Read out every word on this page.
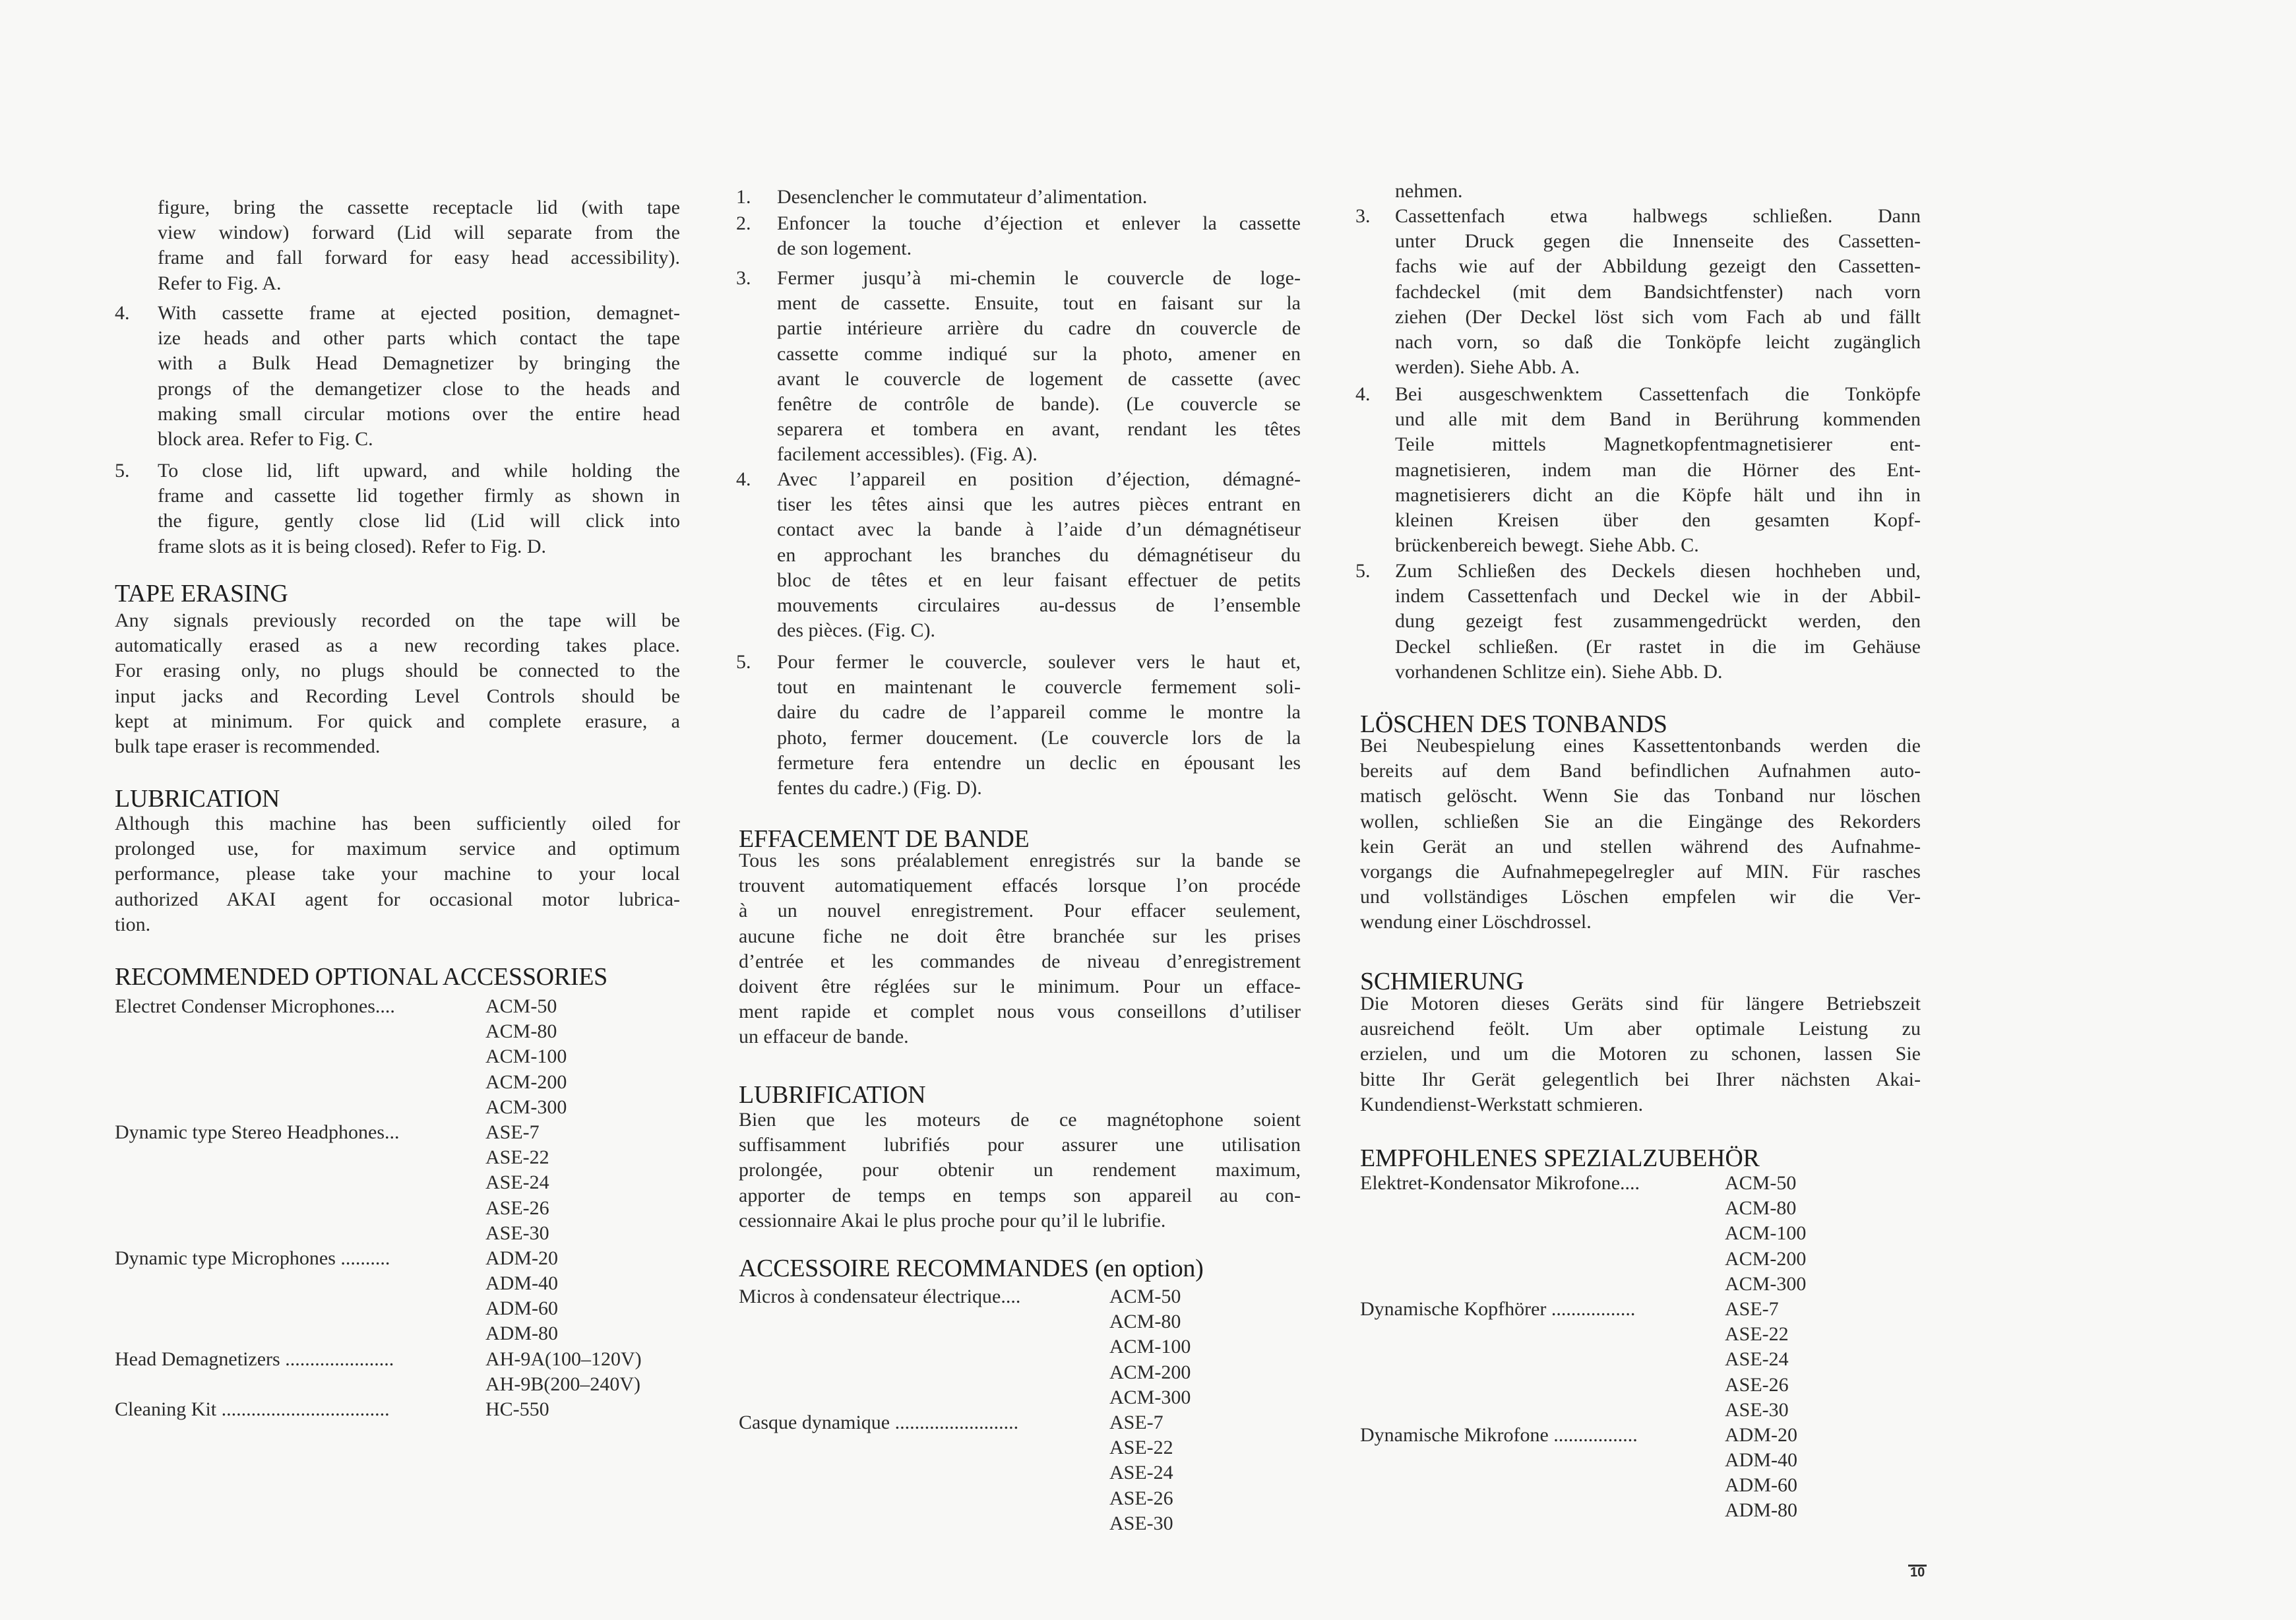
figure, bring the cassette receptacle lid (with tape
view window) forward (Lid will separate from the
frame and fall forward for easy head accessibility).
Refer to Fig. A.
4. With cassette frame at ejected position, demagnet-
ize heads and other parts which contact the tape
with a Bulk Head Demagnetizer by bringing the
prongs of the demangetizer close to the heads and
making small circular motions over the entire head
block area. Refer to Fig. C.
5. To close lid, lift upward, and while holding the
frame and cassette lid together firmly as shown in
the figure, gently close lid (Lid will click into
frame slots as it is being closed). Refer to Fig. D.
TAPE ERASING
Any signals previously recorded on the tape will be
automatically erased as a new recording takes place.
For erasing only, no plugs should be connected to the
input jacks and Recording Level Controls should be
kept at minimum. For quick and complete erasure, a
bulk tape eraser is recommended.
LUBRICATION
Although this machine has been sufficiently oiled for
prolonged use, for maximum service and optimum
performance, please take your machine to your local
authorized AKAI agent for occasional motor lubrica-
tion.
RECOMMENDED OPTIONAL ACCESSORIES
Electret Condenser Microphones....	ACM-50
ACM-80
ACM-100
ACM-200
ACM-300
Dynamic type Stereo Headphones...	ASE-7
ASE-22
ASE-24
ASE-26
ASE-30
Dynamic type Microphones ..........	ADM-20
ADM-40
ADM-60
ADM-80
Head Demagnetizers ......................	AH-9A(100–120V)
AH-9B(200–240V)
Cleaning Kit ..................................	HC-550
1. Desenclencher le commutateur d’alimentation.
2. Enfoncer la touche d’éjection et enlever la cassette
de son logement.
3. Fermer jusqu’à mi-chemin le couvercle de loge-
ment de cassette. Ensuite, tout en faisant sur la
partie intérieure arrière du cadre dn couvercle de
cassette comme indiqué sur la photo, amener en
avant le couvercle de logement de cassette (avec
fenêtre de contrôle de bande). (Le couvercle se
separera et tombera en avant, rendant les têtes
facilement accessibles). (Fig. A).
4. Avec l’appareil en position d’éjection, démagné-
tiser les têtes ainsi que les autres pièces entrant en
contact avec la bande à l’aide d’un démagnétiseur
en approchant les branches du démagnétiseur du
bloc de têtes et en leur faisant effectuer de petits
mouvements circulaires au-dessus de l’ensemble
des pièces. (Fig. C).
5. Pour fermer le couvercle, soulever vers le haut et,
tout en maintenant le couvercle fermement soli-
daire du cadre de l’appareil comme le montre la
photo, fermer doucement. (Le couvercle lors de la
fermeture fera entendre un declic en épousant les
fentes du cadre.) (Fig. D).
EFFACEMENT DE BANDE
Tous les sons préalablement enregistrés sur la bande se
trouvent automatiquement effacés lorsque l’on procéde
à un nouvel enregistrement. Pour effacer seulement,
aucune fiche ne doit être branchée sur les prises
d’entrée et les commandes de niveau d’enregistrement
doivent être réglées sur le minimum. Pour un efface-
ment rapide et complet nous vous conseillons d’utiliser
un effaceur de bande.
LUBRIFICATION
Bien que les moteurs de ce magnétophone soient
suffisamment lubrifiés pour assurer une utilisation
prolongée, pour obtenir un rendement maximum,
apporter de temps en temps son appareil au con-
cessionnaire Akai le plus proche pour qu’il le lubrifie.
ACCESSOIRE RECOMMANDES (en option)
Micros à condensateur électrique....	ACM-50
ACM-80
ACM-100
ACM-200
ACM-300
Casque dynamique .........................	ASE-7
ASE-22
ASE-24
ASE-26
ASE-30
nehmen.
3. Cassettenfach etwa halbwegs schließen. Dann
unter Druck gegen die Innenseite des Cassetten-
fachs wie auf der Abbildung gezeigt den Cassetten-
fachdeckel (mit dem Bandsichtfenster) nach vorn
ziehen (Der Deckel löst sich vom Fach ab und fällt
nach vorn, so daß die Tonköpfe leicht zugänglich
werden). Siehe Abb. A.
4. Bei ausgeschwenktem Cassettenfach die Tonköpfe
und alle mit dem Band in Berührung kommenden
Teile mittels Magnetkopfentmagnetisierer ent-
magnetisieren, indem man die Hörner des Ent-
magnetisierers dicht an die Köpfe hält und ihn in
kleinen Kreisen über den gesamten Kopf-
brückenbereich bewegt. Siehe Abb. C.
5. Zum Schließen des Deckels diesen hochheben und,
indem Cassettenfach und Deckel wie in der Abbil-
dung gezeigt fest zusammengedrückt werden, den
Deckel schließen. (Er rastet in die im Gehäuse
vorhandenen Schlitze ein). Siehe Abb. D.
LÖSCHEN DES TONBANDS
Bei Neubespielung eines Kassettentonbands werden die
bereits auf dem Band befindlichen Aufnahmen auto-
matisch gelöscht. Wenn Sie das Tonband nur löschen
wollen, schließen Sie an die Eingänge des Rekorders
kein Gerät an und stellen während des Aufnahme-
vorgangs die Aufnahmepegelregler auf MIN. Für rasches
und vollständiges Löschen empfelen wir die Ver-
wendung einer Löschdrossel.
SCHMIERUNG
Die Motoren dieses Geräts sind für längere Betriebszeit
ausreichend feölt. Um aber optimale Leistung zu
erzielen, und um die Motoren zu schonen, lassen Sie
bitte Ihr Gerät gelegentlich bei Ihrer nächsten Akai-
Kundendienst-Werkstatt schmieren.
EMPFOHLENES SPEZIALZUBEHÖR
Elektret-Kondensator Mikrofone....	ACM-50
ACM-80
ACM-100
ACM-200
ACM-300
Dynamische Kopfhörer .................	ASE-7
ASE-22
ASE-24
ASE-26
ASE-30
Dynamische Mikrofone .................	ADM-20
ADM-40
ADM-60
ADM-80
10
